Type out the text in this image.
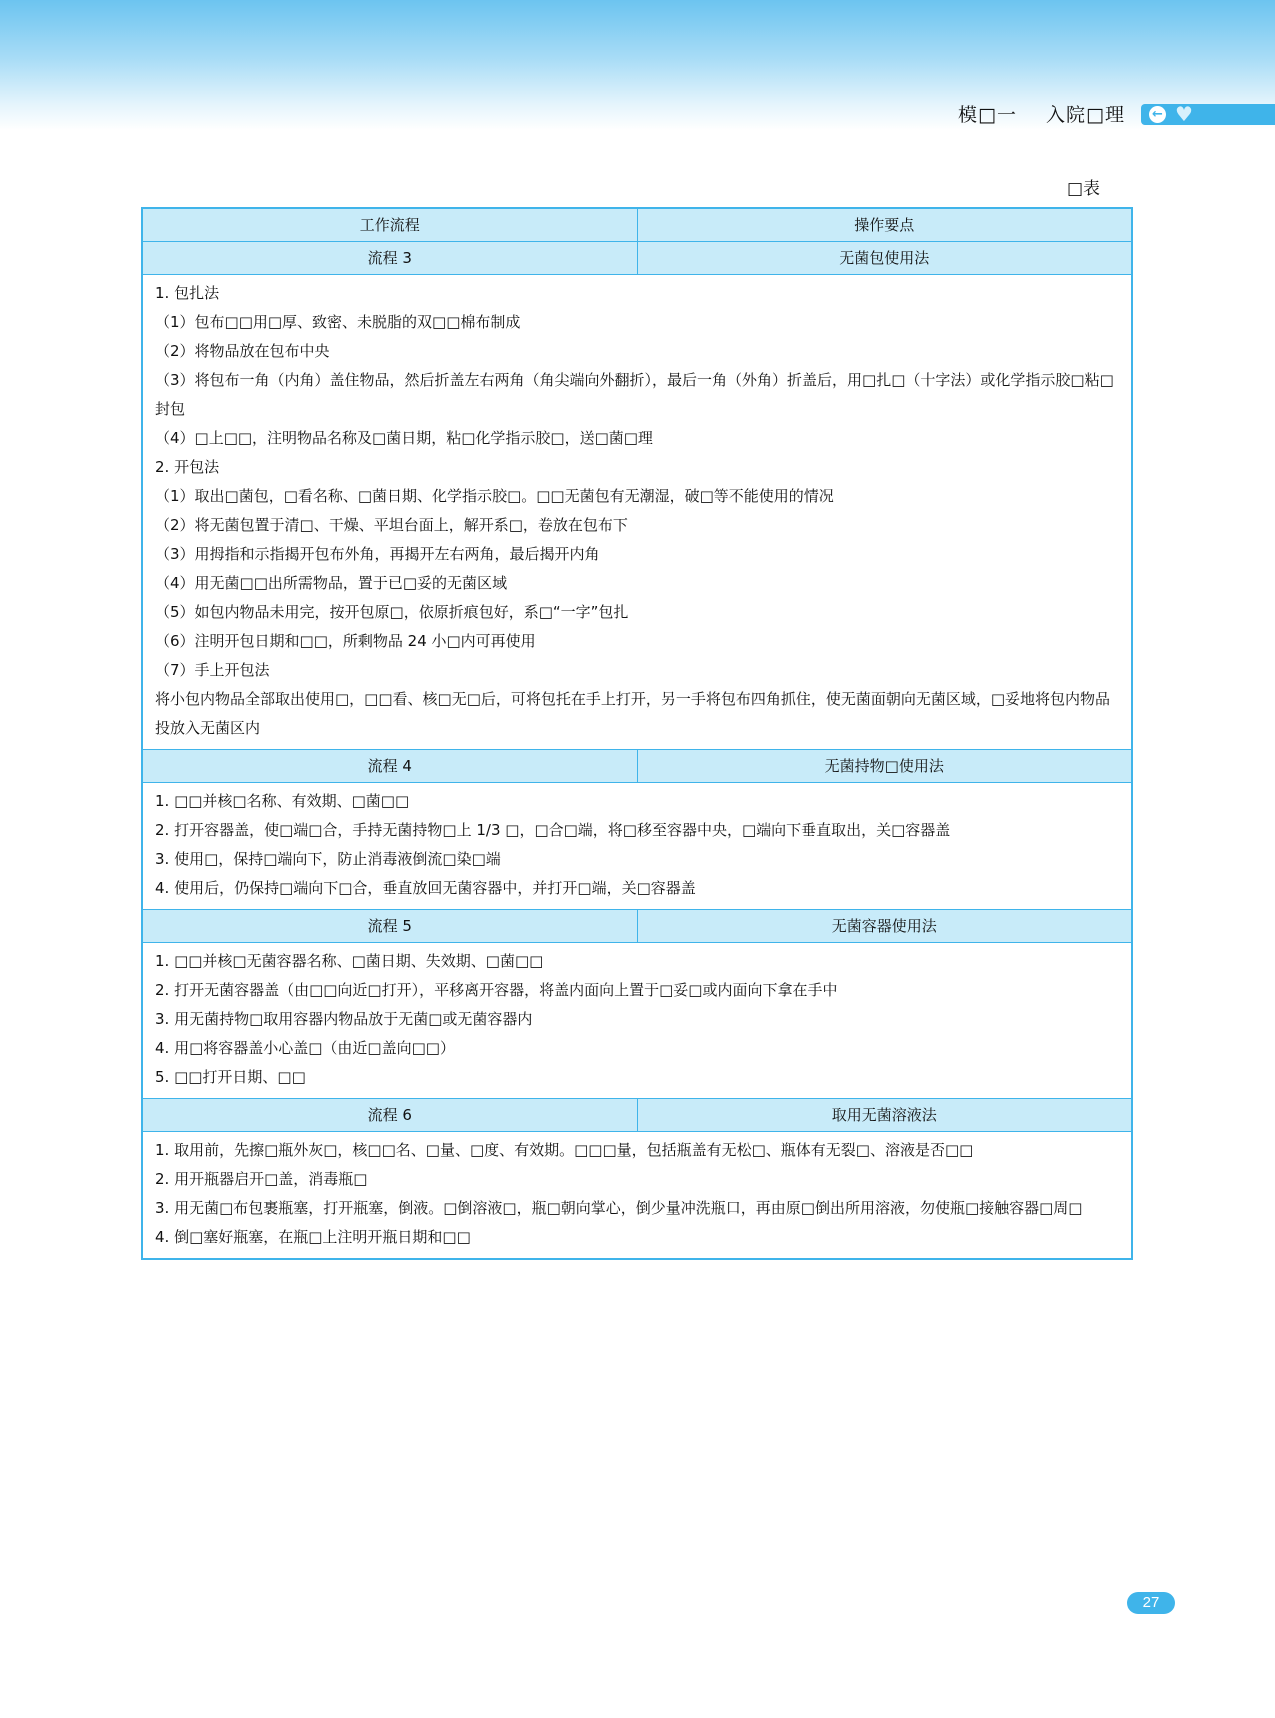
模□一 入院□理 ← ♥
□表
工作流程	操作要点
流程 3	无菌包使用法
1. 包扎法
（1）包布□□用□厚、致密、未脱脂的双□□棉布制成
（2）将物品放在包布中央
（3）将包布一角（内角）盖住物品，然后折盖左右两角（角尖端向外翻折），最后一角（外角）折盖后，用□扎□（十字法）或化学指示胶□粘□封包
（4）□上□□，注明物品名称及□菌日期，粘□化学指示胶□，送□菌□理
2. 开包法
（1）取出□菌包，□看名称、□菌日期、化学指示胶□。□□无菌包有无潮湿，破□等不能使用的情况
（2）将无菌包置于清□、干燥、平坦台面上，解开系□，卷放在包布下
（3）用拇指和示指揭开包布外角，再揭开左右两角，最后揭开内角
（4）用无菌□□出所需物品，置于已□妥的无菌区域
（5）如包内物品未用完，按开包原□，依原折痕包好，系□“一字”包扎
（6）注明开包日期和□□，所剩物品 24 小□内可再使用
（7）手上开包法
将小包内物品全部取出使用□，□□看、核□无□后，可将包托在手上打开，另一手将包布四角抓住，使无菌面朝向无菌区域，□妥地将包内物品投放入无菌区内
流程 4	无菌持物□使用法
1. □□并核□名称、有效期、□菌□□
2. 打开容器盖，使□端□合，手持无菌持物□上 1/3 □，□合□端，将□移至容器中央，□端向下垂直取出，关□容器盖
3. 使用□，保持□端向下，防止消毒液倒流□染□端
4. 使用后，仍保持□端向下□合，垂直放回无菌容器中，并打开□端，关□容器盖
流程 5	无菌容器使用法
1. □□并核□无菌容器名称、□菌日期、失效期、□菌□□
2. 打开无菌容器盖（由□□向近□打开），平移离开容器，将盖内面向上置于□妥□或内面向下拿在手中
3. 用无菌持物□取用容器内物品放于无菌□或无菌容器内
4. 用□将容器盖小心盖□（由近□盖向□□）
5. □□打开日期、□□
流程 6	取用无菌溶液法
1. 取用前，先擦□瓶外灰□，核□□名、□量、□度、有效期。□□□量，包括瓶盖有无松□、瓶体有无裂□、溶液是否□□
2. 用开瓶器启开□盖，消毒瓶□
3. 用无菌□布包裹瓶塞，打开瓶塞，倒液。□倒溶液□，瓶□朝向掌心，倒少量冲洗瓶口，再由原□倒出所用溶液，勿使瓶□接触容器□周□
4. 倒□塞好瓶塞，在瓶□上注明开瓶日期和□□
27
